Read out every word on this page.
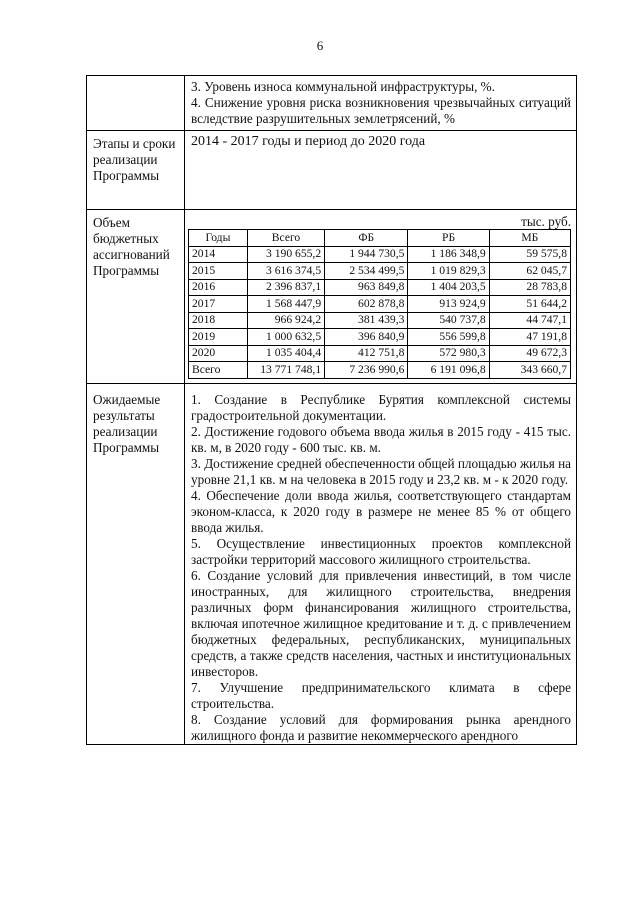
6

3. Уровень износа коммунальной инфраструктуры, %.

4. Снижение уровня риска возникновения чрезвычайных ситуаций вследствие разрушительных землетрясений, %

Этапы и сроки реализации Программы	2014 - 2017 годы и период до 2020 года
Объем бюджетных ассигнований Программы	
тыс. руб.
Годы	Всего	ФБ	РБ	МБ
2014	3 190 655,2	1 944 730,5	1 186 348,9	59 575,8
2015	3 616 374,5	2 534 499,5	1 019 829,3	62 045,7
2016	2 396 837,1	963 849,8	1 404 203,5	28 783,8
2017	1 568 447,9	602 878,8	913 924,9	51 644,2
2018	966 924,2	381 439,3	540 737,8	44 747,1
2019	1 000 632,5	396 840,9	556 599,8	47 191,8
2020	1 035 404,4	412 751,8	572 980,3	49 672,3
Всего	13 771 748,1	7 236 990,6	6 191 096,8	343 660,7

Ожидаемые результаты реализации Программы	

1. Создание в Республике Бурятия комплексной системы градостроительной документации.

2. Достижение годового объема ввода жилья в 2015 году - 415 тыс. кв. м, в 2020 году - 600 тыс. кв. м.

3. Достижение средней обеспеченности общей площадью жилья на уровне 21,1 кв. м на человека в 2015 году и 23,2 кв. м - к 2020 году.

4. Обеспечение доли ввода жилья, соответствующего стандартам эконом-класса, к 2020 году в размере не менее 85 % от общего ввода жилья.

5. Осуществление инвестиционных проектов комплексной застройки территорий массового жилищного строительства.

6. Создание условий для привлечения инвестиций, в том числе иностранных, для жилищного строительства, внедрения различных форм финансирования жилищного строительства, включая ипотечное жилищное кредитование и т. д. с привлечением бюджетных федеральных, республиканских, муниципальных средств, а также средств населения, частных и институциональных инвесторов.

7. Улучшение предпринимательского климата в сфере строительства.

8. Создание условий для формирования рынка арендного жилищного фонда и развитие некоммерческого арендного
